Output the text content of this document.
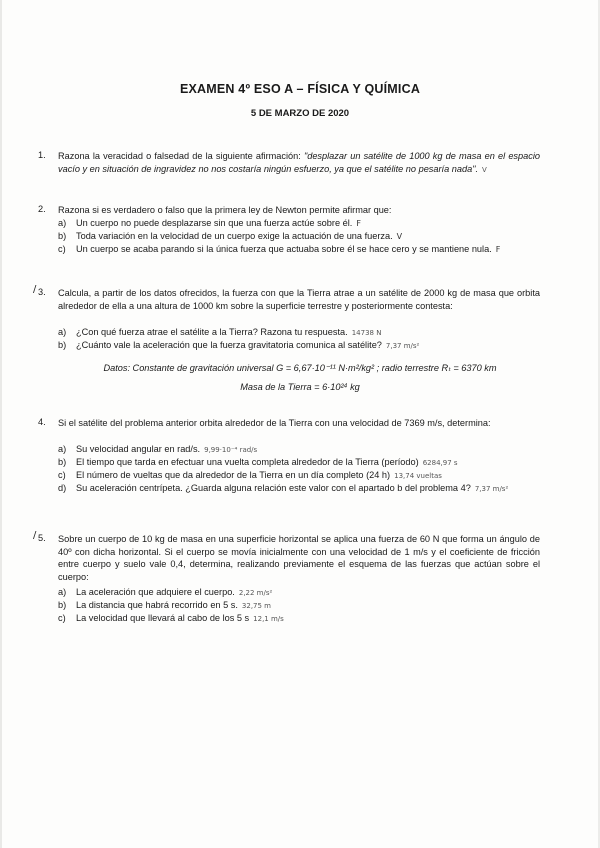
EXAMEN 4º ESO A – FÍSICA Y QUÍMICA
5 DE MARZO DE 2020
1. Razona la veracidad o falsedad de la siguiente afirmación: "desplazar un satélite de 1000 kg de masa en el espacio vacío y en situación de ingravidez no nos costaría ningún esfuerzo, ya que el satélite no pesaría nada". V
2. Razona si es verdadero o falso que la primera ley de Newton permite afirmar que:
a) Un cuerpo no puede desplazarse sin que una fuerza actúe sobre él. F
b) Toda variación en la velocidad de un cuerpo exige la actuación de una fuerza. V
c) Un cuerpo se acaba parando si la única fuerza que actuaba sobre él se hace cero y se mantiene nula. F
3.
/ Calcula, a partir de los datos ofrecidos, la fuerza con que la Tierra atrae a un satélite de 2000 kg de masa que orbita alrededor de ella a una altura de 1000 km sobre la superficie terrestre y posteriormente contesta:
a) ¿Con qué fuerza atrae el satélite a la Tierra? Razona tu respuesta. 14738 N
b) ¿Cuánto vale la aceleración que la fuerza gravitatoria comunica al satélite? 7,37 m/s²
Datos: Constante de gravitación universal G = 6,67·10⁻¹¹ N·m²/kg² ; radio terrestre Rₜ = 6370 km
Masa de la Tierra = 6·10²⁴ kg
4. Si el satélite del problema anterior orbita alrededor de la Tierra con una velocidad de 7369 m/s, determina:
a) Su velocidad angular en rad/s. 9,99·10⁻⁴ rad/s
b) El tiempo que tarda en efectuar una vuelta completa alrededor de la Tierra (período) 6284,97 s
c) El número de vueltas que da alrededor de la Tierra en un día completo (24 h) 13,74 vueltas
d) Su aceleración centrípeta. ¿Guarda alguna relación este valor con el apartado b del problema 4? 7,37 m/s²
5.
/ Sobre un cuerpo de 10 kg de masa en una superficie horizontal se aplica una fuerza de 60 N que forma un ángulo de 40º con dicha horizontal. Si el cuerpo se movía inicialmente con una velocidad de 1 m/s y el coeficiente de fricción entre cuerpo y suelo vale 0,4, determina, realizando previamente el esquema de las fuerzas que actúan sobre el cuerpo:
a) La aceleración que adquiere el cuerpo. 2,22 m/s²
b) La distancia que habrá recorrido en 5 s. 32,75 m
c) La velocidad que llevará al cabo de los 5 s 12,1 m/s
